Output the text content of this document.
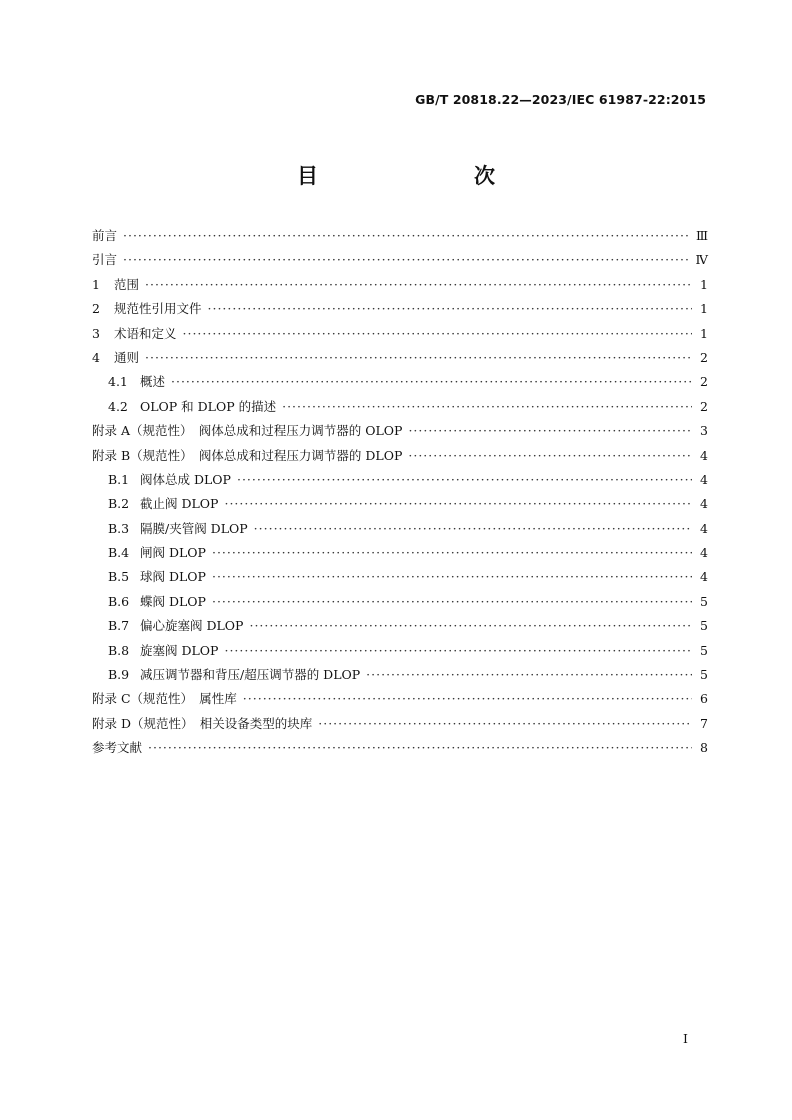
GB/T 20818.22—2023/IEC 61987-22:2015
目　　次
前言 ·····	Ⅲ
引言 ·····	Ⅳ
1	范围 ·····	1
2	规范性引用文件 ·····	1
3	术语和定义 ·····	1
4	通则 ·····	2
4.1 概述 ·····	2
4.2 OLOP 和 DLOP 的描述 ·····	2
附录 A（规范性）　阀体总成和过程压力调节器的 OLOP ·····	3
附录 B（规范性）　阀体总成和过程压力调节器的 DLOP ·····	4
B.1 阀体总成 DLOP ·····	4
B.2 截止阀 DLOP ·····	4
B.3 隔膜/夹管阀 DLOP ·····	4
B.4 闸阀 DLOP ·····	4
B.5 球阀 DLOP ·····	4
B.6 蝶阀 DLOP ·····	5
B.7 偏心旋塞阀 DLOP ·····	5
B.8 旋塞阀 DLOP ·····	5
B.9 减压调节器和背压/超压调节器的 DLOP ·····	5
附录 C（规范性）　属性库 ·····	6
附录 D（规范性）　相关设备类型的块库 ·····	7
参考文献 ·····	8
I
